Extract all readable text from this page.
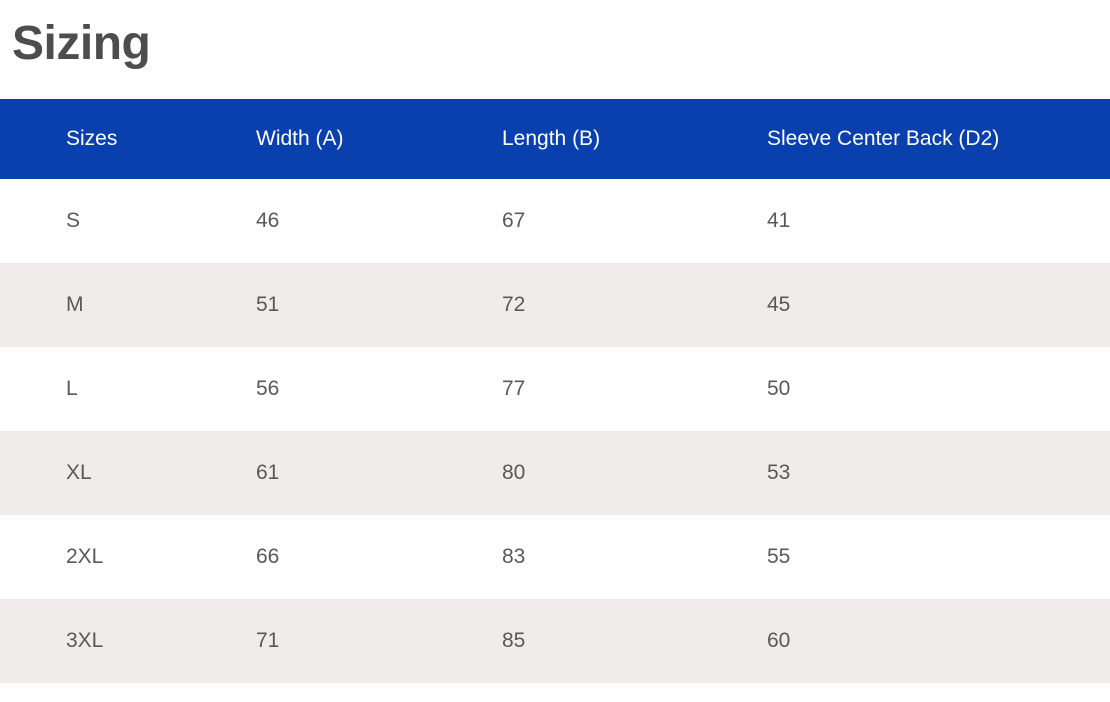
Sizing
Sizes	Width (A)	Length (B)	Sleeve Center Back (D2)
S	46	67	41
M	51	72	45
L	56	77	50
XL	61	80	53
2XL	66	83	55
3XL	71	85	60
